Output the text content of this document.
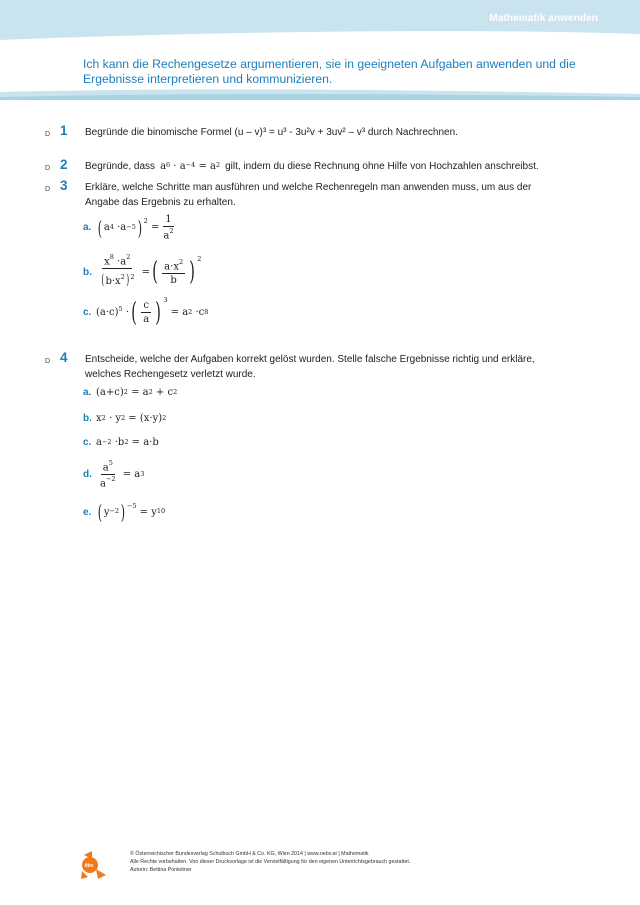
Mathematik anwenden
Ich kann die Rechengesetze argumentieren, sie in geeigneten Aufgaben anwenden und die Ergebnisse interpretieren und kommunizieren.
D 1 Begründe die binomische Formel (u – v)³ = u³ - 3u²v + 3uv² – v³ durch Nachrechnen.
D 2 Begründe, dass $a^6 \cdot a^{-4} = a^2$ gilt, indem du diese Rechnung ohne Hilfe von Hochzahlen anschreibst.
D 3 Erkläre, welche Schritte man ausführen und welche Rechenregeln man anwenden muss, um aus der Angabe das Ergebnis zu erhalten.
a. ( $a^4 \cdot a^{-5}$ ) $^2$
= $\frac{1}{a^2}$
b. $\frac{x^8 \cdot a^2}{(b\cdot x^2)^2}$ = ( $\frac{a\cdot x^2}{b}$ ) $^2$
c. $(a\cdot c)^5$ · ( $\frac{c}{a}$ ) $^3$
= $a^2 \cdot c^8$
D 4 Entscheide, welche der Aufgaben korrekt gelöst wurden. Stelle falsche Ergebnisse richtig und erkläre, welches Rechengesetz verletzt wurde.
a. $(a+c)^2 = a^2 + c^2$
b. $x^2 \cdot y^2 = (x\cdot y)^2$
c. $a^{-2} \cdot b^2 = a\cdot b$
d. $\frac{a^5}{a^{-2}} = a^3$
e. ( $y^{-2}$ ) $^{-5}$
= $y^{10}$
öbv
© Österreichischer Bundesverlag Schulbuch GmbH & Co. KG, Wien 2014 | www.oebv.at | Mathematik
Alle Rechte vorbehalten. Von dieser Druckvorlage ist die Vervielfältigung für den eigenen Unterrichtsgebrauch gestattet.
Autorin: Bettina Ponleitner
